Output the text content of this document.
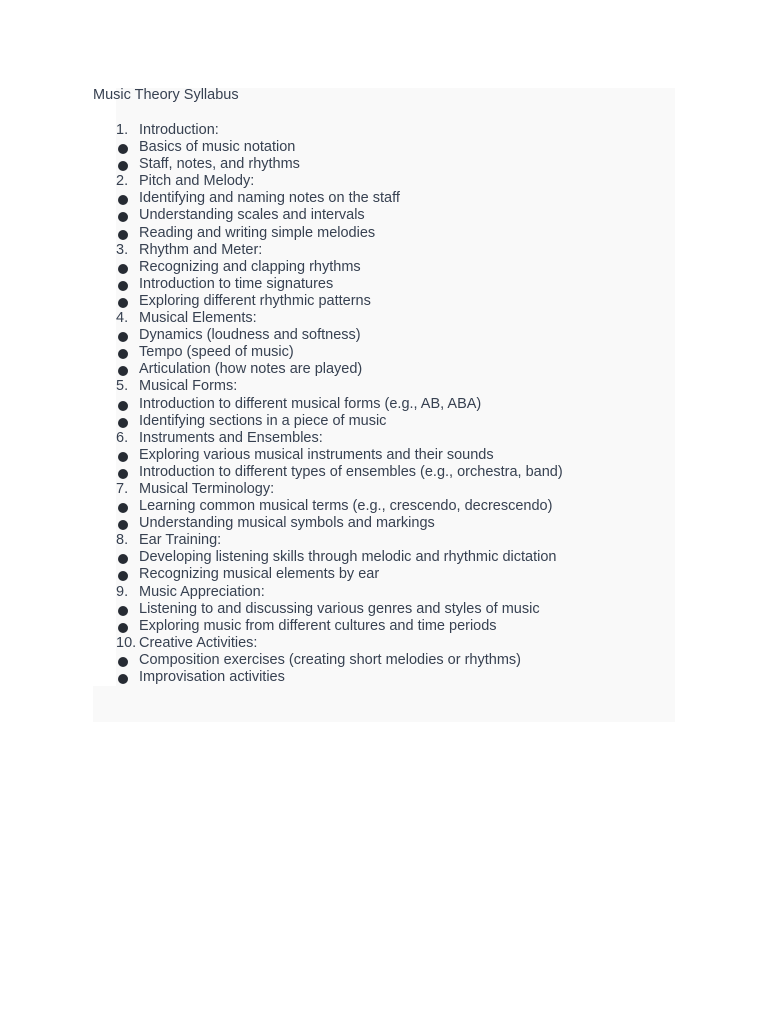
Music Theory Syllabus
1. Introduction:
Basics of music notation
Staff, notes, and rhythms
2. Pitch and Melody:
Identifying and naming notes on the staff
Understanding scales and intervals
Reading and writing simple melodies
3. Rhythm and Meter:
Recognizing and clapping rhythms
Introduction to time signatures
Exploring different rhythmic patterns
4. Musical Elements:
Dynamics (loudness and softness)
Tempo (speed of music)
Articulation (how notes are played)
5. Musical Forms:
Introduction to different musical forms (e.g., AB, ABA)
Identifying sections in a piece of music
6. Instruments and Ensembles:
Exploring various musical instruments and their sounds
Introduction to different types of ensembles (e.g., orchestra, band)
7. Musical Terminology:
Learning common musical terms (e.g., crescendo, decrescendo)
Understanding musical symbols and markings
8. Ear Training:
Developing listening skills through melodic and rhythmic dictation
Recognizing musical elements by ear
9. Music Appreciation:
Listening to and discussing various genres and styles of music
Exploring music from different cultures and time periods
10. Creative Activities:
Composition exercises (creating short melodies or rhythms)
Improvisation activities
